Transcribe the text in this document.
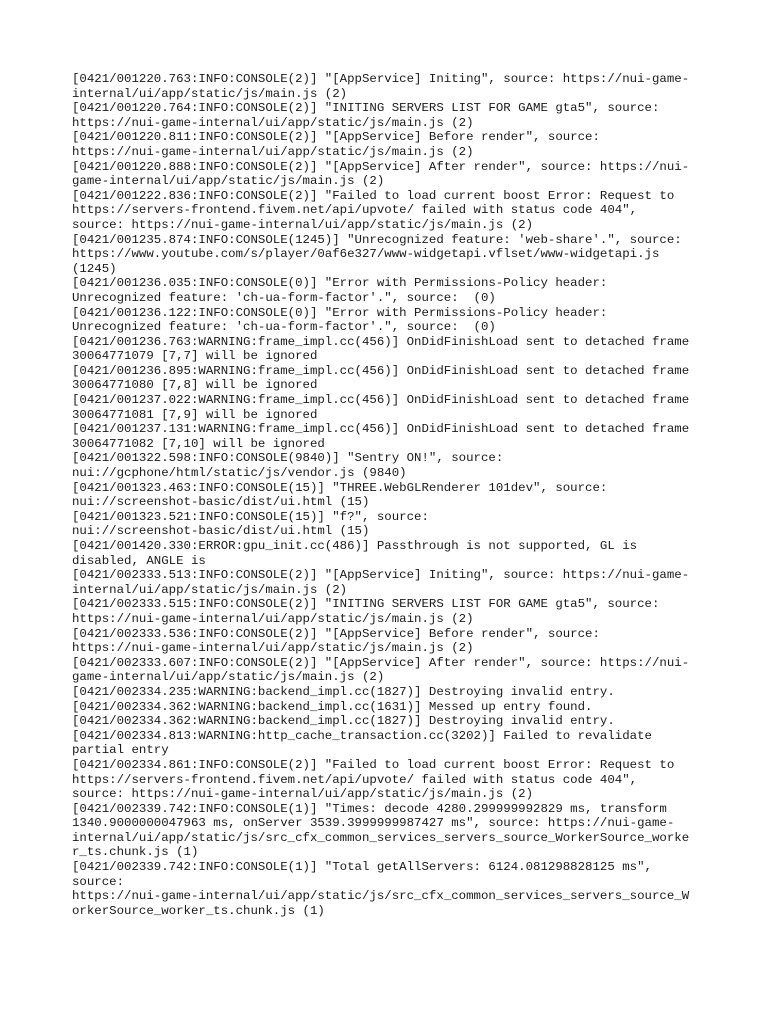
[0421/001220.763:INFO:CONSOLE(2)] "[AppService] Initing", source: https://nui-game-
internal/ui/app/static/js/main.js (2)
[0421/001220.764:INFO:CONSOLE(2)] "INITING SERVERS LIST FOR GAME gta5", source:
https://nui-game-internal/ui/app/static/js/main.js (2)
[0421/001220.811:INFO:CONSOLE(2)] "[AppService] Before render", source:
https://nui-game-internal/ui/app/static/js/main.js (2)
[0421/001220.888:INFO:CONSOLE(2)] "[AppService] After render", source: https://nui-
game-internal/ui/app/static/js/main.js (2)
[0421/001222.836:INFO:CONSOLE(2)] "Failed to load current boost Error: Request to
https://servers-frontend.fivem.net/api/upvote/ failed with status code 404",
source: https://nui-game-internal/ui/app/static/js/main.js (2)
[0421/001235.874:INFO:CONSOLE(1245)] "Unrecognized feature: 'web-share'.", source:
https://www.youtube.com/s/player/0af6e327/www-widgetapi.vflset/www-widgetapi.js
(1245)
[0421/001236.035:INFO:CONSOLE(0)] "Error with Permissions-Policy header:
Unrecognized feature: 'ch-ua-form-factor'.", source:  (0)
[0421/001236.122:INFO:CONSOLE(0)] "Error with Permissions-Policy header:
Unrecognized feature: 'ch-ua-form-factor'.", source:  (0)
[0421/001236.763:WARNING:frame_impl.cc(456)] OnDidFinishLoad sent to detached frame
30064771079 [7,7] will be ignored
[0421/001236.895:WARNING:frame_impl.cc(456)] OnDidFinishLoad sent to detached frame
30064771080 [7,8] will be ignored
[0421/001237.022:WARNING:frame_impl.cc(456)] OnDidFinishLoad sent to detached frame
30064771081 [7,9] will be ignored
[0421/001237.131:WARNING:frame_impl.cc(456)] OnDidFinishLoad sent to detached frame
30064771082 [7,10] will be ignored
[0421/001322.598:INFO:CONSOLE(9840)] "Sentry ON!", source:
nui://gcphone/html/static/js/vendor.js (9840)
[0421/001323.463:INFO:CONSOLE(15)] "THREE.WebGLRenderer 101dev", source:
nui://screenshot-basic/dist/ui.html (15)
[0421/001323.521:INFO:CONSOLE(15)] "f?", source:
nui://screenshot-basic/dist/ui.html (15)
[0421/001420.330:ERROR:gpu_init.cc(486)] Passthrough is not supported, GL is
disabled, ANGLE is
[0421/002333.513:INFO:CONSOLE(2)] "[AppService] Initing", source: https://nui-game-
internal/ui/app/static/js/main.js (2)
[0421/002333.515:INFO:CONSOLE(2)] "INITING SERVERS LIST FOR GAME gta5", source:
https://nui-game-internal/ui/app/static/js/main.js (2)
[0421/002333.536:INFO:CONSOLE(2)] "[AppService] Before render", source:
https://nui-game-internal/ui/app/static/js/main.js (2)
[0421/002333.607:INFO:CONSOLE(2)] "[AppService] After render", source: https://nui-
game-internal/ui/app/static/js/main.js (2)
[0421/002334.235:WARNING:backend_impl.cc(1827)] Destroying invalid entry.
[0421/002334.362:WARNING:backend_impl.cc(1631)] Messed up entry found.
[0421/002334.362:WARNING:backend_impl.cc(1827)] Destroying invalid entry.
[0421/002334.813:WARNING:http_cache_transaction.cc(3202)] Failed to revalidate
partial entry
[0421/002334.861:INFO:CONSOLE(2)] "Failed to load current boost Error: Request to
https://servers-frontend.fivem.net/api/upvote/ failed with status code 404",
source: https://nui-game-internal/ui/app/static/js/main.js (2)
[0421/002339.742:INFO:CONSOLE(1)] "Times: decode 4280.299999992829 ms, transform
1340.9000000047963 ms, onServer 3539.3999999987427 ms", source: https://nui-game-
internal/ui/app/static/js/src_cfx_common_services_servers_source_WorkerSource_worke
r_ts.chunk.js (1)
[0421/002339.742:INFO:CONSOLE(1)] "Total getAllServers: 6124.081298828125 ms",
source:
https://nui-game-internal/ui/app/static/js/src_cfx_common_services_servers_source_W
orkerSource_worker_ts.chunk.js (1)
